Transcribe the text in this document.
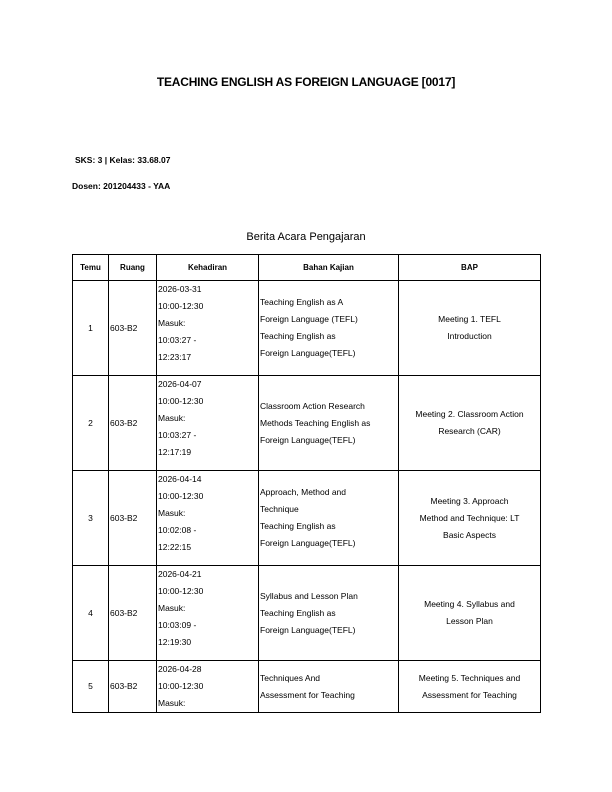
TEACHING ENGLISH AS FOREIGN LANGUAGE [0017]
SKS: 3 | Kelas: 33.68.07
Dosen: 201204433 - YAA
Berita Acara Pengajaran
Temu	Ruang	Kehadiran	Bahan Kajian	BAP
1	603-B2	2026-03-31
10:00-12:30
Masuk:
10:03:27 -
12:23:17	Teaching English as A
Foreign Language (TEFL)
Teaching English as
Foreign Language(TEFL)	Meeting 1. TEFL
Introduction

2	603-B2	2026-04-07
10:00-12:30
Masuk:
10:03:27 -
12:17:19	Classroom Action Research
Methods Teaching English as
Foreign Language(TEFL)	Meeting 2. Classroom Action
Research (CAR)

3	603-B2	2026-04-14
10:00-12:30
Masuk:
10:02:08 -
12:22:15	Approach, Method and
Technique
Teaching English as
Foreign Language(TEFL)	Meeting 3. Approach
Method and Technique: LT
Basic Aspects

4	603-B2	2026-04-21
10:00-12:30
Masuk:
10:03:09 -
12:19:30	Syllabus and Lesson Plan
Teaching English as
Foreign Language(TEFL)	Meeting 4. Syllabus and
Lesson Plan

5	603-B2	2026-04-28
10:00-12:30
Masuk:	Techniques And
Assessment for Teaching	Meeting 5. Techniques and
Assessment for Teaching
